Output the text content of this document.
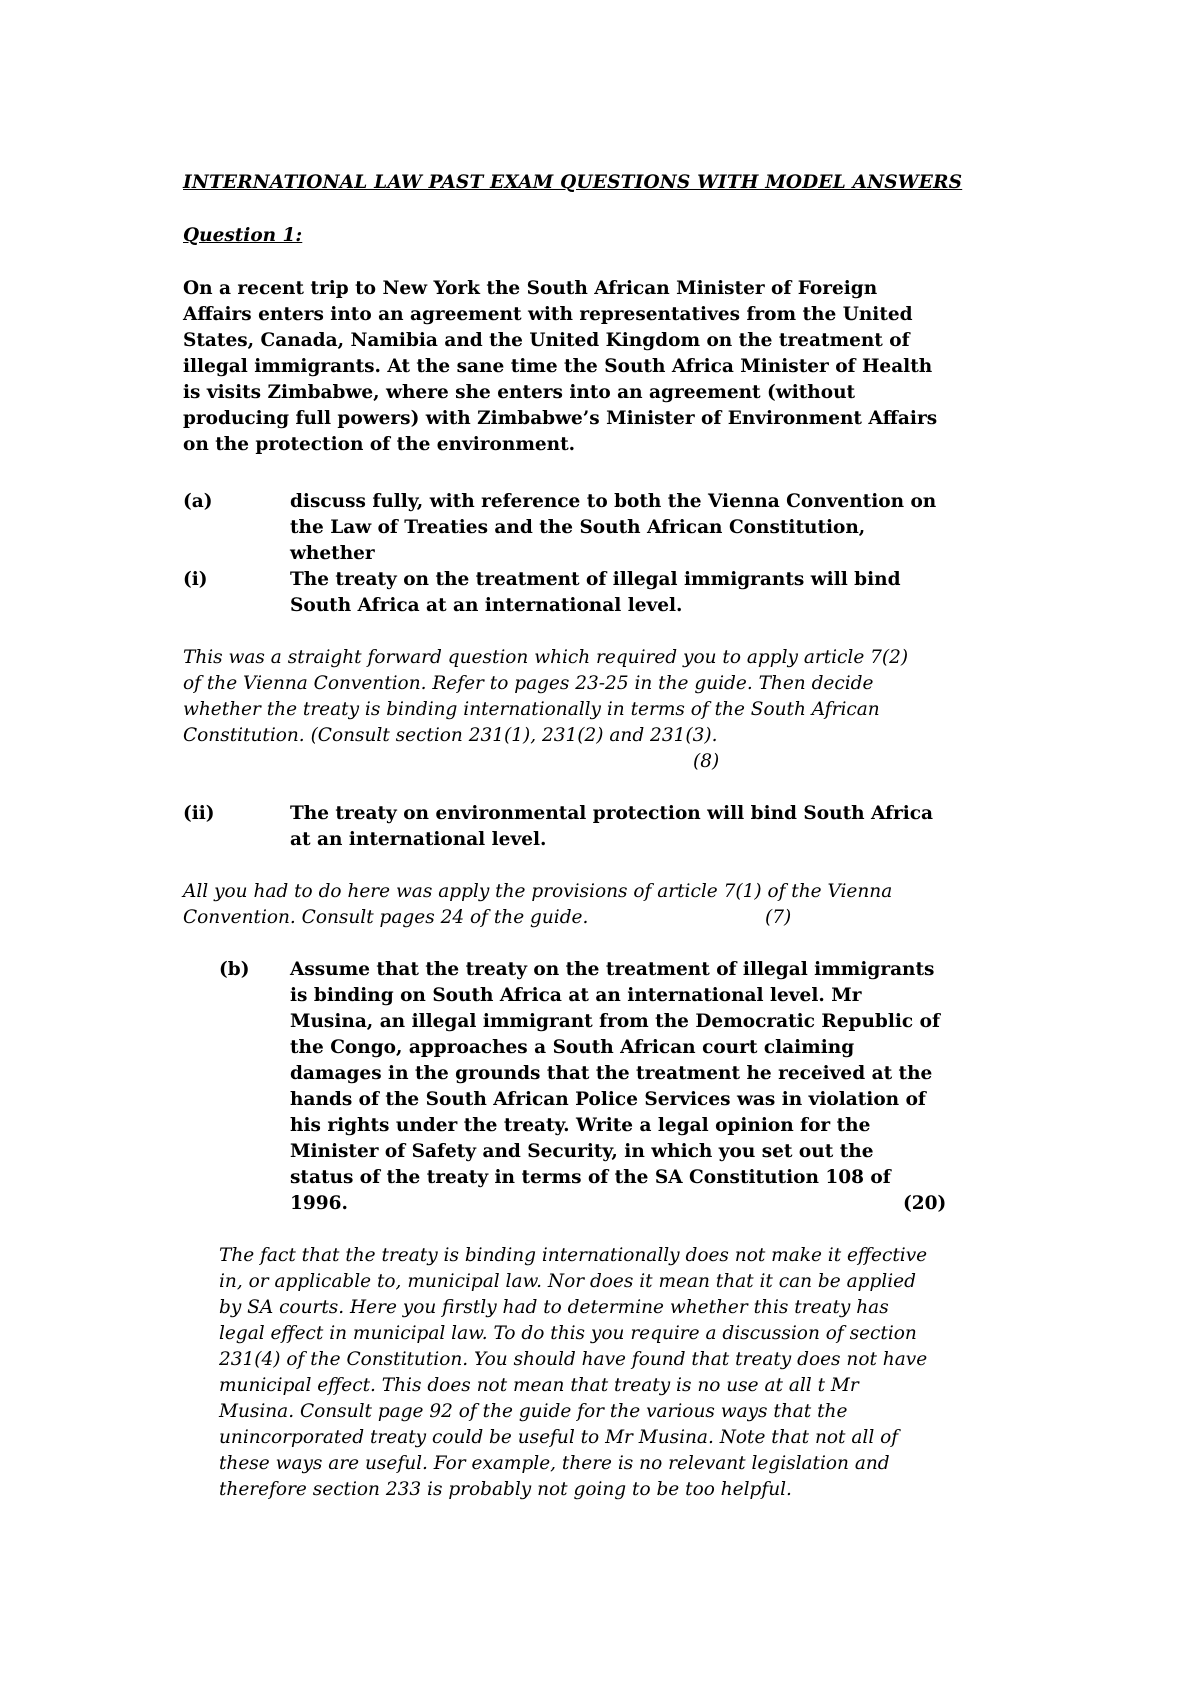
INTERNATIONAL LAW PAST EXAM QUESTIONS WITH MODEL ANSWERS
Question 1:
On a recent trip to New York the South African Minister of Foreign
Affairs enters into an agreement with representatives from the United
States, Canada, Namibia and the United Kingdom on the treatment of
illegal immigrants. At the sane time the South Africa Minister of Health
is visits Zimbabwe, where she enters into an agreement (without
producing full powers) with Zimbabwe’s Minister of Environment Affairs
on the protection of the environment.
(a)	discuss fully, with reference to both the Vienna Convention on
the Law of Treaties and the South African Constitution,
whether
(i)	The treaty on the treatment of illegal immigrants will bind
South Africa at an international level.
This was a straight forward question which required you to apply article 7(2)
of the Vienna Convention. Refer to pages 23-25 in the guide. Then decide
whether the treaty is binding internationally in terms of the South African
Constitution. (Consult section 231(1), 231(2) and 231(3).
(8)
(ii)	The treaty on environmental protection will bind South Africa
at an international level.
All you had to do here was apply the provisions of article 7(1) of the Vienna
Convention. Consult pages 24 of the guide.	(7)
(b) Assume that the treaty on the treatment of illegal immigrants
is binding on South Africa at an international level. Mr
Musina, an illegal immigrant from the Democratic Republic of
the Congo, approaches a South African court claiming
damages in the grounds that the treatment he received at the
hands of the South African Police Services was in violation of
his rights under the treaty. Write a legal opinion for the
Minister of Safety and Security, in which you set out the
status of the treaty in terms of the SA Constitution 108 of
1996.	(20)
The fact that the treaty is binding internationally does not make it effective
in, or applicable to, municipal law. Nor does it mean that it can be applied
by SA courts. Here you firstly had to determine whether this treaty has
legal effect in municipal law. To do this you require a discussion of section
231(4) of the Constitution. You should have found that treaty does not have
municipal effect. This does not mean that treaty is no use at all t Mr
Musina. Consult page 92 of the guide for the various ways that the
unincorporated treaty could be useful to Mr Musina. Note that not all of
these ways are useful. For example, there is no relevant legislation and
therefore section 233 is probably not going to be too helpful.
